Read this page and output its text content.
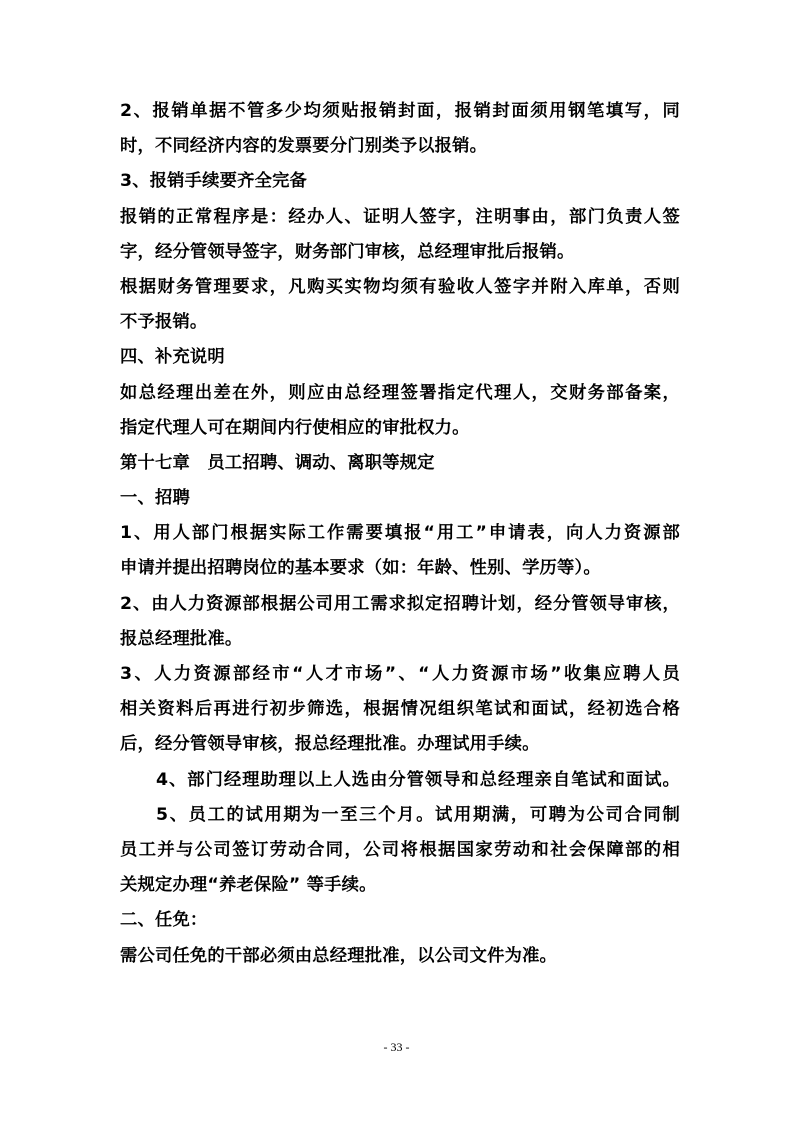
2、报销单据不管多少均须贴报销封面，报销封面须用钢笔填写，同
时，不同经济内容的发票要分门别类予以报销。
3、报销手续要齐全完备
报销的正常程序是：经办人、证明人签字，注明事由，部门负责人签
字，经分管领导签字，财务部门审核，总经理审批后报销。
根据财务管理要求，凡购买实物均须有验收人签字并附入库单，否则
不予报销。
四、补充说明
如总经理出差在外，则应由总经理签署指定代理人，交财务部备案，
指定代理人可在期间内行使相应的审批权力。
第十七章　员工招聘、调动、离职等规定
一、招聘
1、用人部门根据实际工作需要填报“用工”申请表，向人力资源部
申请并提出招聘岗位的基本要求（如：年龄、性别、学历等）。
2、由人力资源部根据公司用工需求拟定招聘计划，经分管领导审核，
报总经理批准。
3、人力资源部经市“人才市场”、“人力资源市场”收集应聘人员
相关资料后再进行初步筛选，根据情况组织笔试和面试，经初选合格
后，经分管领导审核，报总经理批准。办理试用手续。
4、部门经理助理以上人选由分管领导和总经理亲自笔试和面试。
5、员工的试用期为一至三个月。试用期满，可聘为公司合同制
员工并与公司签订劳动合同，公司将根据国家劳动和社会保障部的相
关规定办理“养老保险” 等手续。
二、任免：
需公司任免的干部必须由总经理批准，以公司文件为准。
- 33 -
